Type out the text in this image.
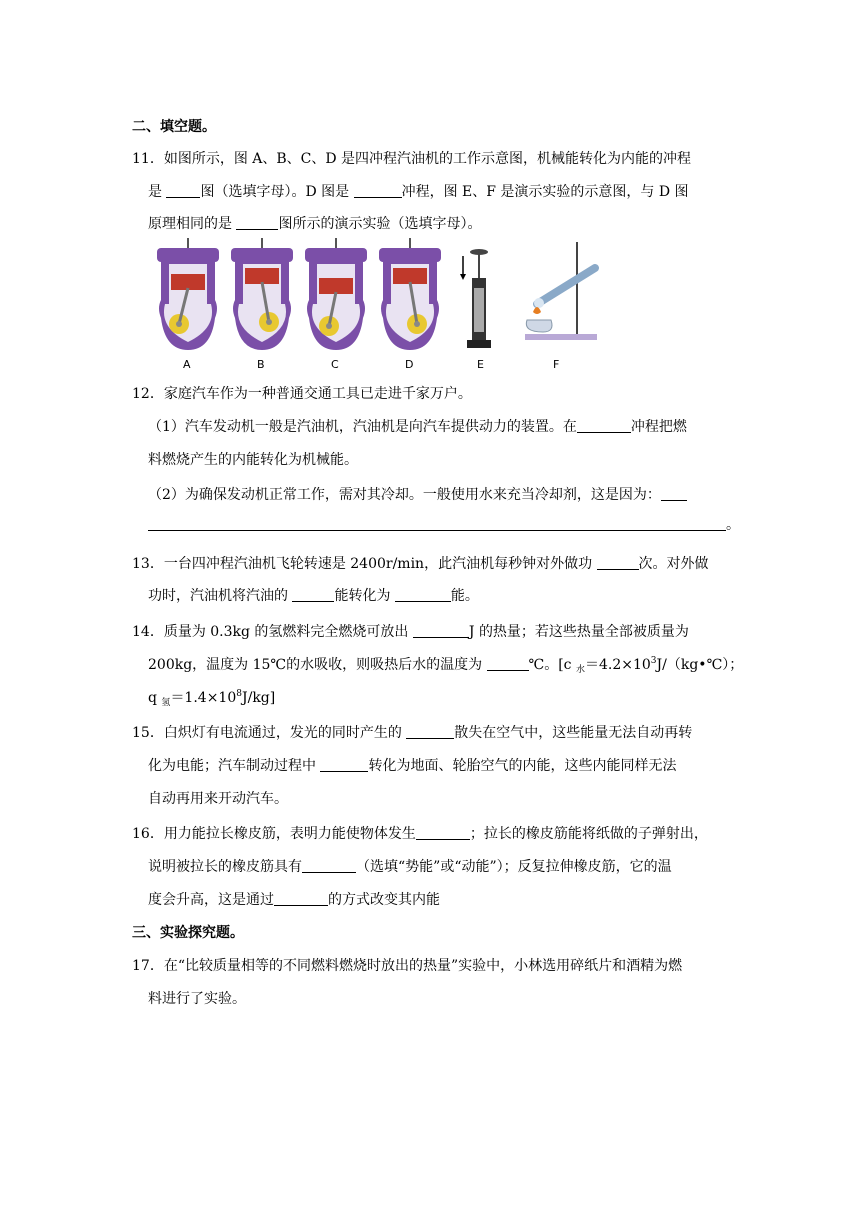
二、填空题。
11．如图所示，图 A、B、C、D 是四冲程汽油机的工作示意图，机械能转化为内能的冲程
是 图（选填字母）。D 图是	冲程，图 E、F 是演示实验的示意图，与 D 图
原理相同的是	图所示的演示实验（选填字母）。
A	B	C	D	E	F
12．家庭汽车作为一种普通交通工具已走进千家万户。
（1）汽车发动机一般是汽油机，汽油机是向汽车提供动力的装置。在	冲程把燃
料燃烧产生的内能转化为机械能。
（2）为确保发动机正常工作，需对其冷却。一般使用水来充当冷却剂，这是因为：
。
13．一台四冲程汽油机飞轮转速是 2400r/min，此汽油机每秒钟对外做功	次。对外做
功时，汽油机将汽油的	能转化为	能。
14．质量为 0.3kg 的氢燃料完全燃烧可放出	J 的热量；若这些热量全部被质量为
200kg，温度为 15℃的水吸收，则吸热后水的温度为	℃。[c $_水=4.2\times 10^3J/(kg•℃)$；
q $_氢=1.4\times 10^8J/kg$]
15．白炽灯有电流通过，发光的同时产生的	散失在空气中，这些能量无法自动再转
化为电能；汽车制动过程中	转化为地面、轮胎空气的内能，这些内能同样无法
自动再用来开动汽车。
16．用力能拉长橡皮筋，表明力能使物体发生	；拉长的橡皮筋能将纸做的子弹射出，
说明被拉长的橡皮筋具有	（选填“势能”或“动能”）；反复拉伸橡皮筋，它的温
度会升高，这是通过	的方式改变其内能
三、实验探究题。
17．在“比较质量相等的不同燃料燃烧时放出的热量”实验中，小林选用碎纸片和酒精为燃
料进行了实验。
